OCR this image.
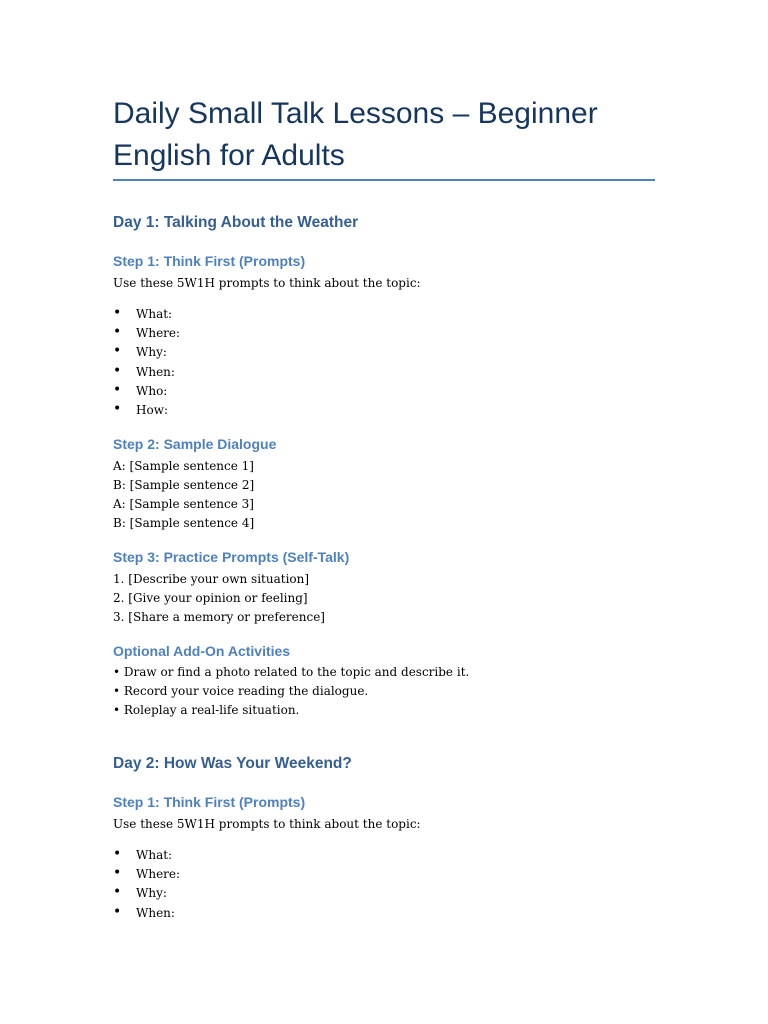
Daily Small Talk Lessons – Beginner English for Adults
Day 1: Talking About the Weather
Step 1: Think First (Prompts)

Use these 5W1H prompts to think about the topic:

• What:
• Where:
• Why:
• When:
• Who:
• How:
Step 2: Sample Dialogue
A: [Sample sentence 1]
B: [Sample sentence 2]
A: [Sample sentence 3]
B: [Sample sentence 4]
Step 3: Practice Prompts (Self-Talk)
1. [Describe your own situation]
2. [Give your opinion or feeling]
3. [Share a memory or preference]
Optional Add-On Activities
• Draw or find a photo related to the topic and describe it.
• Record your voice reading the dialogue.
• Roleplay a real-life situation.
Day 2: How Was Your Weekend?
Step 1: Think First (Prompts)

Use these 5W1H prompts to think about the topic:

• What:
• Where:
• Why:
• When:
